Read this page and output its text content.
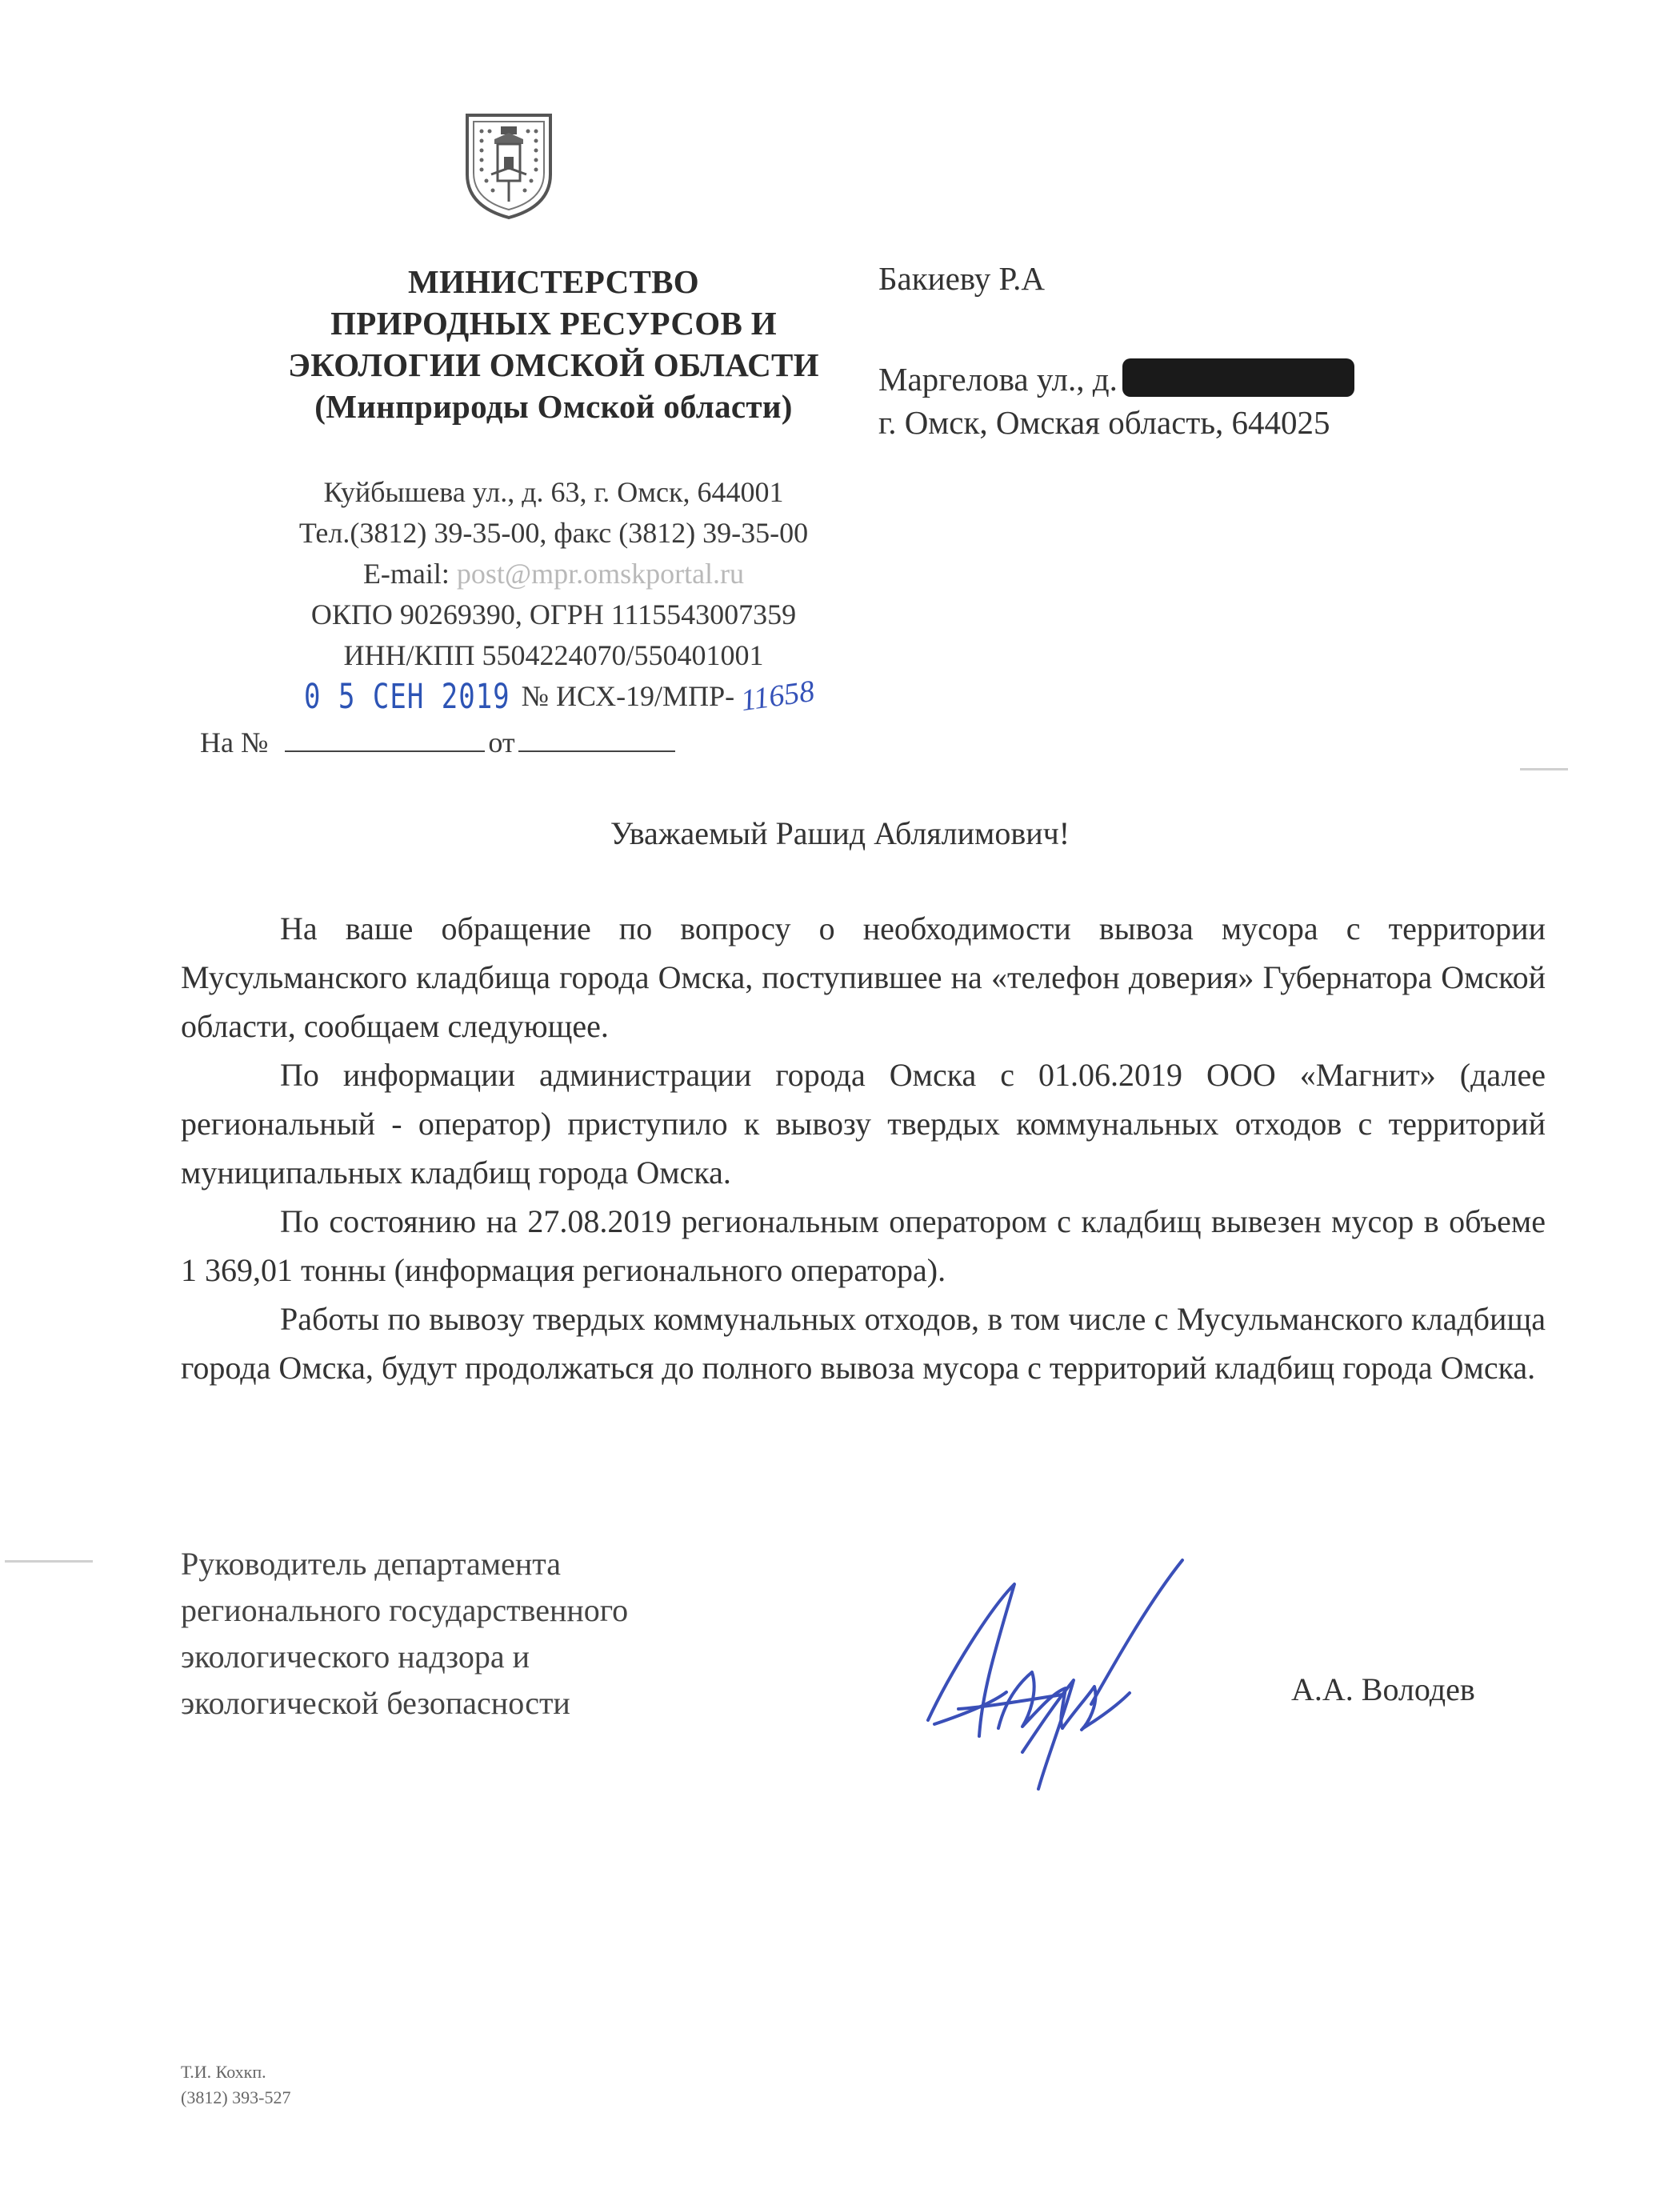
МИНИСТЕРСТВО
ПРИРОДНЫХ РЕСУРСОВ И
ЭКОЛОГИИ ОМСКОЙ ОБЛАСТИ
(Минприроды Омской области)
Куйбышева ул., д. 63, г. Омск, 644001
Тел.(3812) 39-35-00, факс (3812) 39-35-00
E-mail: post@mpr.omskportal.ru
ОКПО 90269390, ОГРН 1115543007359
ИНН/КПП 5504224070/550401001
0 5 СЕН 2019 № ИСХ-19/МПР- 11658
На №	от
Бакиеву Р.А
Маргелова ул., д.
г. Омск, Омская область, 644025
Уважаемый Рашид Аблялимович!

На ваше обращение по вопросу о необходимости вывоза мусора с территории Мусульманского кладбища города Омска, поступившее на «телефон доверия» Губернатора Омской области, сообщаем следующее.

По информации администрации города Омска с 01.06.2019 ООО «Магнит» (далее региональный - оператор) приступило к вывозу твердых коммунальных отходов с территорий муниципальных кладбищ города Омска.

По состоянию на 27.08.2019 региональным оператором с кладбищ вывезен мусор в объеме 1 369,01 тонны (информация регионального оператора).

Работы по вывозу твердых коммунальных отходов, в том числе с Мусульманского кладбища города Омска, будут продолжаться до полного вывоза мусора с территорий кладбищ города Омска.

Руководитель департамента
регионального государственного
экологического надзора и
экологической безопасности	А.А. Володев
Т.И. Кохкп.
(3812) 393-527
